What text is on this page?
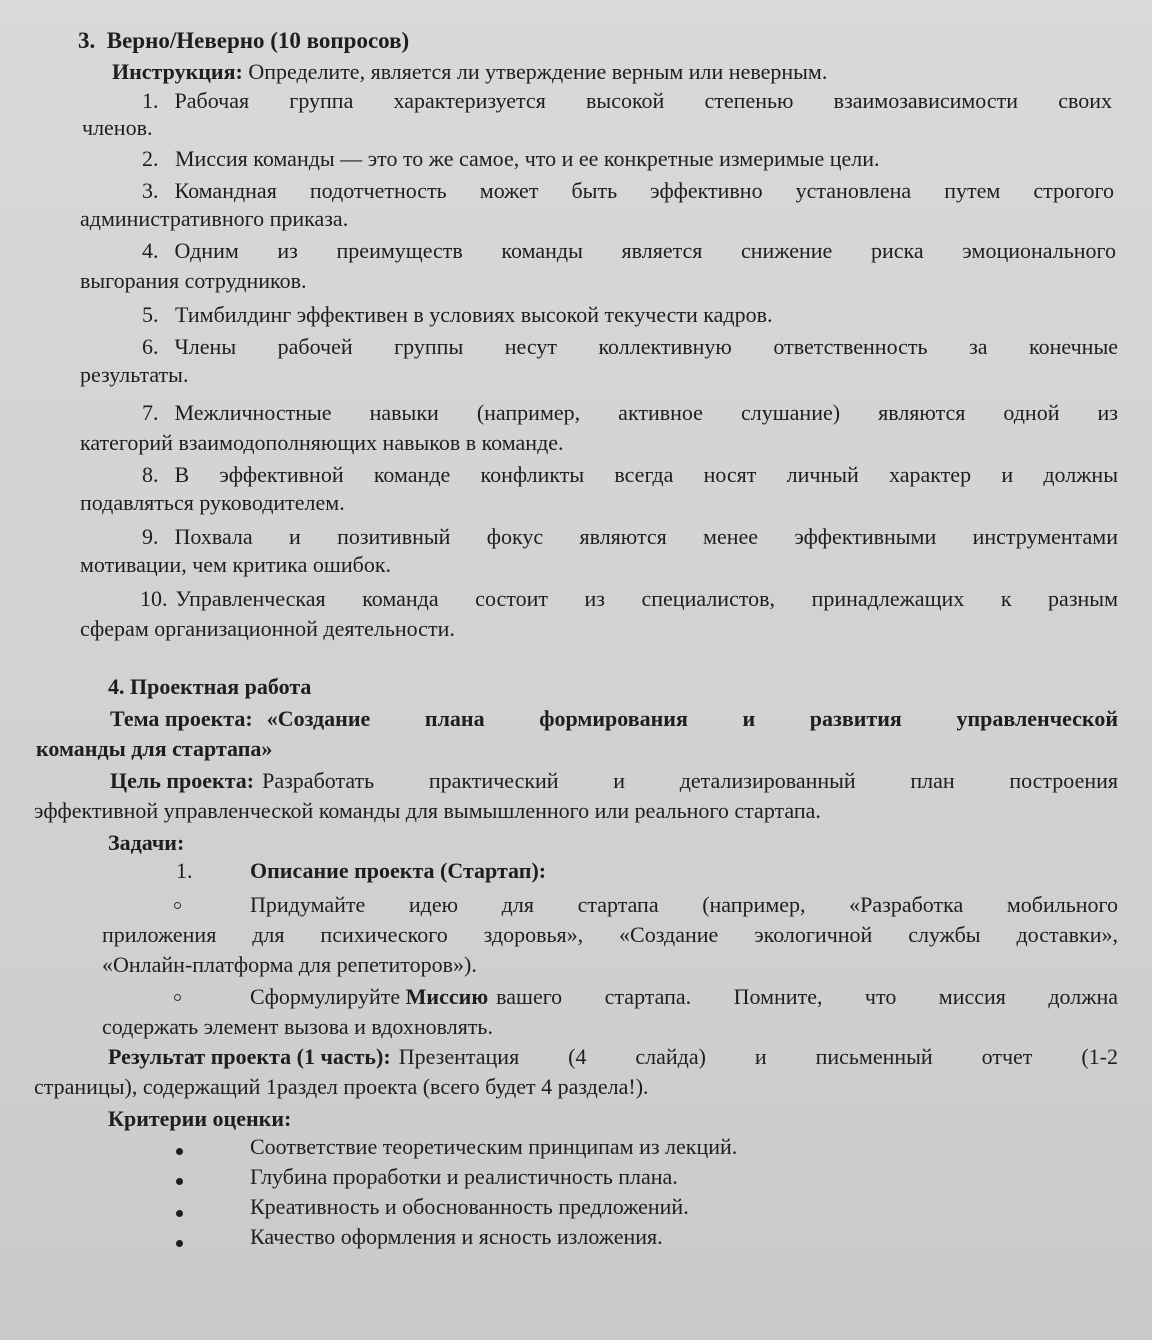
3. Верно/Неверно (10 вопросов)
Инструкция: Определите, является ли утверждение верным или неверным.
1. Рабочая группа характеризуется высокой степенью взаимозависимости своих
членов.
2. Миссия команды — это то же самое, что и ее конкретные измеримые цели.
3. Командная подотчетность может быть эффективно установлена путем строгого
административного приказа.
4. Одним из преимуществ команды является снижение риска эмоционального
выгорания сотрудников.
5. Тимбилдинг эффективен в условиях высокой текучести кадров.
6. Члены рабочей группы несут коллективную ответственность за конечные
результаты.
7. Межличностные навыки (например, активное слушание) являются одной из
категорий взаимодополняющих навыков в команде.
8. В эффективной команде конфликты всегда носят личный характер и должны
подавляться руководителем.
9. Похвала и позитивный фокус являются менее эффективными инструментами
мотивации, чем критика ошибок.
10. Управленческая команда состоит из специалистов, принадлежащих к разным
сферам организационной деятельности.
4. Проектная работа
Тема проекта: «Создание плана формирования и развития управленческой
команды для стартапа»
Цель проекта: Разработать практический и детализированный план построения
эффективной управленческой команды для вымышленного или реального стартапа.
Задачи:
1.	Описание проекта (Стартап):
Придумайте идею для стартапа (например, «Разработка мобильного
приложения для психического здоровья», «Создание экологичной службы доставки»,
«Онлайн-платформа для репетиторов»).
Сформулируйте Миссию вашего стартапа. Помните, что миссия должна
содержать элемент вызова и вдохновлять.
Результат проекта (1 часть): Презентация (4 слайда) и письменный отчет (1-2
страницы), содержащий 1раздел проекта (всего будет 4 раздела!).
Критерии оценки:
Соответствие теоретическим принципам из лекций.
Глубина проработки и реалистичность плана.
Креативность и обоснованность предложений.
Качество оформления и ясность изложения.
